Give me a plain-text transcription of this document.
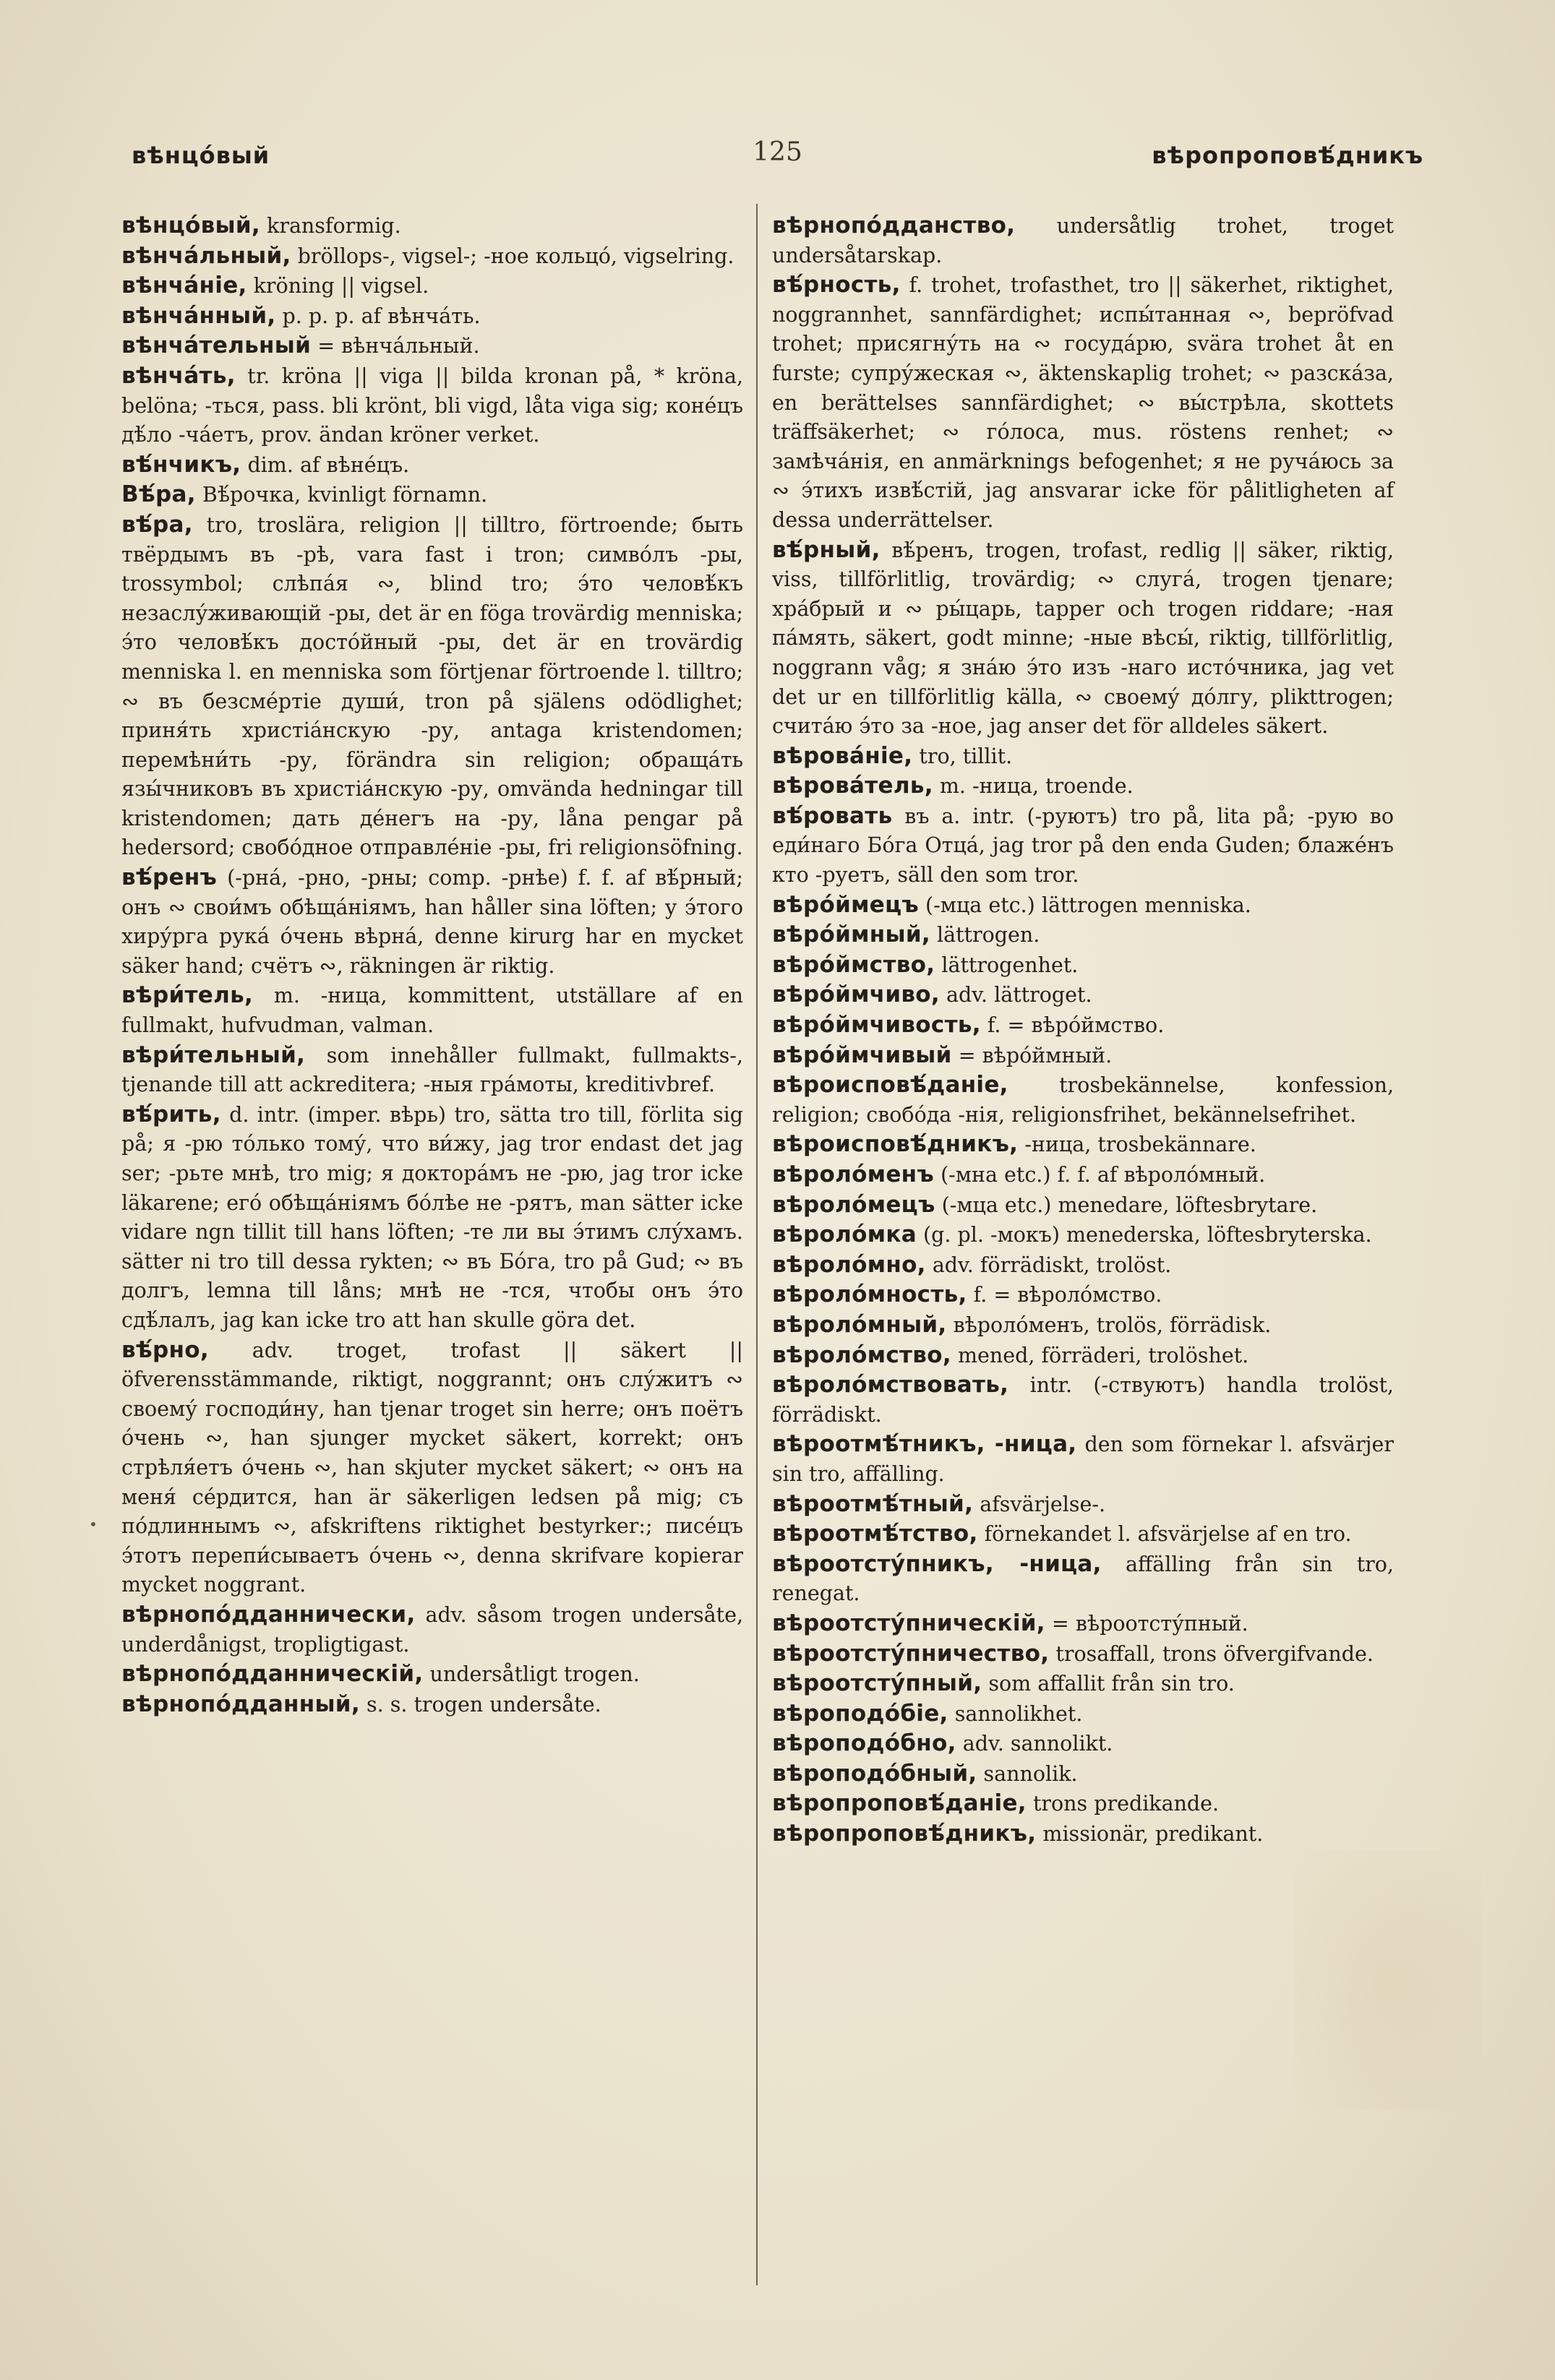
вѣнцо́вый	125	вѣропроповѣ́дникъ
•

вѣнцо́вый, kransformig.

вѣнча́льный, bröllops-, vigsel-; -ное кольцо́, vigselring.

вѣнча́ніе, kröning || vigsel.

вѣнча́нный, p. p. p. af вѣнча́ть.

вѣнча́тельный = вѣнча́льный.

вѣнча́ть, tr. kröna || viga || bilda kronan på, * kröna, belöna; -ться, pass. bli krönt, bli vigd, låta viga sig; коне́цъ дѣ́ло -ча́етъ, prov. ändan kröner verket.

вѣ́нчикъ, dim. af вѣне́цъ.

Вѣ́ра, Вѣ́рочка, kvinligt förnamn.

вѣ́ра, tro, troslära, religion || tilltro, förtroende; быть твёрдымъ въ -рѣ, vara fast i tron; симво́лъ -ры, trossymbol; слѣпа́я ∾, blind tro; э́то человѣ́къ незаслу́живающій -ры, det är en föga trovärdig menniska; э́то человѣ́къ досто́йный -ры, det är en trovärdig menniska l. en menniska som förtjenar förtroende l. tilltro; ∾ въ безсме́ртіе души́, tron på själens odödlighet; приня́ть христіа́нскую -ру, antaga kristendomen; перемѣни́ть -ру, förändra sin religion; обраща́ть язы́чниковъ въ христіа́нскую -ру, omvända hedningar till kristendomen; дать де́негъ на -ру, låna pengar på hedersord; свобо́дное отправле́ніе -ры, fri religionsöfning.

вѣ́ренъ (-рна́, -рно, -рны; comp. -рнѣе) f. f. af вѣ́рный; онъ ∾ свои́мъ обѣща́ніямъ, han håller sina löften; у э́того хиру́рга рука́ о́чень вѣрна́, denne kirurg har en mycket säker hand; счётъ ∾, räkningen är riktig.

вѣри́тель, m. -ница, kommittent, utställare af en fullmakt, hufvudman, valman.

вѣри́тельный, som innehåller fullmakt, fullmakts-, tjenande till att ackreditera; -ныя гра́моты, kreditivbref.

вѣ́рить, d. intr. (imper. вѣрь) tro, sätta tro till, förlita sig på; я -рю то́лько тому́, что ви́жу, jag tror endast det jag ser; -рьте мнѣ, tro mig; я доктора́мъ не -рю, jag tror icke läkarene; его́ обѣща́ніямъ бо́лѣе не -рятъ, man sätter icke vidare ngn tillit till hans löften; -те ли вы э́тимъ слу́хамъ. sätter ni tro till dessa rykten; ∾ въ Бо́га, tro på Gud; ∾ въ долгъ, lemna till låns; мнѣ не -тся, чтобы онъ э́то сдѣ́лалъ, jag kan icke tro att han skulle göra det.

вѣ́рно, adv. troget, trofast || säkert || öfverensstämmande, riktigt, noggrannt; онъ слу́житъ ∾ своему́ господи́ну, han tjenar troget sin herre; онъ поётъ о́чень ∾, han sjunger mycket säkert, korrekt; онъ стрѣля́етъ о́чень ∾, han skjuter mycket säkert; ∾ онъ на меня́ се́рдится, han är säkerligen ledsen på mig; съ по́длиннымъ ∾, afskriftens riktighet bestyrker:; писе́цъ э́тотъ перепи́сываетъ о́чень ∾, denna skrifvare kopierar mycket noggrant.

вѣрнопо́дданнически, adv. såsom trogen undersåte, underdånigst, tropligtigast.

вѣрнопо́дданническій, undersåtligt trogen.

вѣрнопо́дданный, s. s. trogen undersåte.

вѣрнопо́дданство, undersåtlig trohet, troget undersåtarskap.

вѣ́рность, f. trohet, trofasthet, tro || säkerhet, riktighet, noggrannhet, sannfärdighet; испы́танная ∾, bepröfvad trohet; присягну́ть на ∾ госуда́рю, svära trohet åt en furste; супру́жеская ∾, äktenskaplig trohet; ∾ разска́за, en berättelses sannfärdighet; ∾ вы́стрѣла, skottets träffsäkerhet; ∾ го́лоса, mus. röstens renhet; ∾ замѣча́нія, en anmärknings befogenhet; я не руча́юсь за ∾ э́тихъ извѣ́стій, jag ansvarar icke för pålitligheten af dessa underrättelser.

вѣ́рный, вѣ́ренъ, trogen, trofast, redlig || säker, riktig, viss, tillförlitlig, trovärdig; ∾ слуга́, trogen tjenare; хра́брый и ∾ ры́царь, tapper och trogen riddare; -ная па́мять, säkert, godt minne; -ные вѣсы́, riktig, tillförlitlig, noggrann våg; я зна́ю э́то изъ -наго исто́чника, jag vet det ur en tillförlitlig källa, ∾ своему́ до́лгу, plikttrogen; счита́ю э́то за -ное, jag anser det för alldeles säkert.

вѣрова́ніе, tro, tillit.

вѣрова́тель, m. -ница, troende.

вѣ́ровать въ a. intr. (-руютъ) tro på, lita på; -рую во еди́наго Бо́га Отца́, jag tror på den enda Guden; блаже́нъ кто -руетъ, säll den som tror.

вѣро́ймецъ (-мца etc.) lättrogen menniska.

вѣро́ймный, lättrogen.

вѣро́ймство, lättrogenhet.

вѣро́ймчиво, adv. lättroget.

вѣро́ймчивость, f. = вѣро́ймство.

вѣро́ймчивый = вѣро́ймный.

вѣроисповѣ́даніе, trosbekännelse, konfession, religion; свобо́да -нія, religionsfrihet, bekännelsefrihet.

вѣроисповѣ́дникъ, -ница, trosbekännare.

вѣроло́менъ (-мна etc.) f. f. af вѣроло́мный.

вѣроло́мецъ (-мца etc.) menedare, löftesbrytare.

вѣроло́мка (g. pl. -мокъ) menederska, löftesbryterska.

вѣроло́мно, adv. förrädiskt, trolöst.

вѣроло́мность, f. = вѣроло́мство.

вѣроло́мный, вѣроло́менъ, trolös, förrädisk.

вѣроло́мство, mened, förräderi, trolöshet.

вѣроло́мствовать, intr. (-ствуютъ) handla trolöst, förrädiskt.

вѣроотмѣ́тникъ, -ница, den som förnekar l. afsvärjer sin tro, affälling.

вѣроотмѣ́тный, afsvärjelse-.

вѣроотмѣ́тство, förnekandet l. afsvärjelse af en tro.

вѣроотсту́пникъ, -ница, affälling från sin tro, renegat.

вѣроотсту́пническій, = вѣроотсту́пный.

вѣроотсту́пничество, trosaffall, trons öfvergifvande.

вѣроотсту́пный, som affallit från sin tro.

вѣроподо́біе, sannolikhet.

вѣроподо́бно, adv. sannolikt.

вѣроподо́бный, sannolik.

вѣропроповѣ́даніе, trons predikande.

вѣропроповѣ́дникъ, missionär, predikant.
